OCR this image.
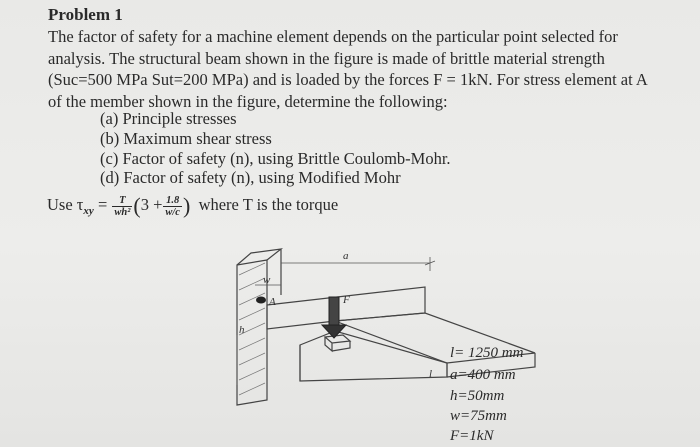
Problem 1
The factor of safety for a machine element depends on the particular point selected for
analysis. The structural beam shown in the figure is made of brittle material strength
(Suc=500 MPa Sut=200 MPa) and is loaded by the forces F = 1kN. For stress element at A
of the member shown in the figure, determine the following:
(a) Principle stresses
(b) Maximum shear stress
(c) Factor of safety (n), using Brittle Coulomb-Mohr.
(d) Factor of safety (n), using Modified Mohr
Use $\tau_{xy} = \frac{T}{\text{wh²}} (3 + \frac{1.8}{w/c}$ ) where T is the torque
a
w
A	F
h
l
l= 1250 mm
a=400 mm
h=50mm
w=75mm
F=1kN
